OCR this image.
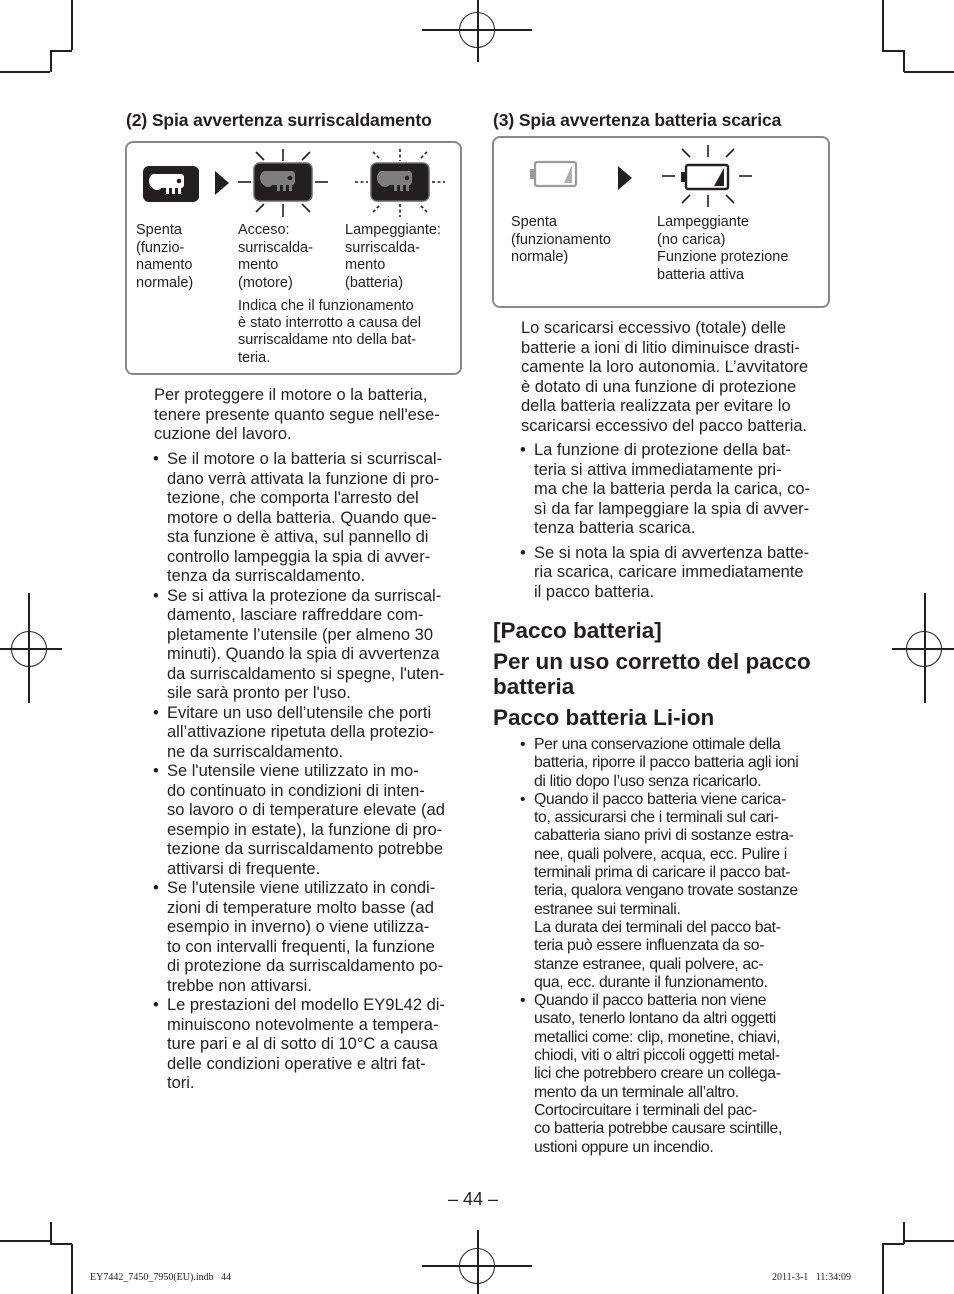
(2) Spia avvertenza surriscaldamento
Spenta
(funzio-
namento
normale)
Acceso:
surriscalda-
mento
(motore)
Lampeggiante:
surriscalda-
mento
(batteria)
Indica che il funzionamento
è stato interrotto a causa del
surriscaldame nto della bat-
teria.
Per proteggere il motore o la batteria,
tenere presente quanto segue nell'ese-
cuzione del lavoro.
• Se il motore o la batteria si scurriscal-
dano verrà attivata la funzione di pro-
tezione, che comporta l'arresto del
motore o della batteria. Quando que-
sta funzione è attiva, sul pannello di
controllo lampeggia la spia di avver-
tenza da surriscaldamento.
• Se si attiva la protezione da surriscal-
damento, lasciare raffreddare com-
pletamente l’utensile (per almeno 30
minuti). Quando la spia di avvertenza
da surriscaldamento si spegne, l'uten-
sile sarà pronto per l'uso.
• Evitare un uso dell’utensile che porti
all’attivazione ripetuta della protezio-
ne da surriscaldamento.
• Se l'utensile viene utilizzato in mo-
do continuato in condizioni di inten-
so lavoro o di temperature elevate (ad
esempio in estate), la funzione di pro-
tezione da surriscaldamento potrebbe
attivarsi di frequente.
• Se l'utensile viene utilizzato in condi-
zioni di temperature molto basse (ad
esempio in inverno) o viene utilizza-
to con intervalli frequenti, la funzione
di protezione da surriscaldamento po-
trebbe non attivarsi.
• Le prestazioni del modello EY9L42 di-
minuiscono notevolmente a tempera-
ture pari e al di sotto di 10°C a causa
delle condizioni operative e altri fat-
tori.
(3) Spia avvertenza batteria scarica
Spenta
(funzionamento
normale)
Lampeggiante
(no carica)
Funzione protezione
batteria attiva
Lo scaricarsi eccessivo (totale) delle
batterie a ioni di litio diminuisce drasti-
camente la loro autonomia. L’avvitatore
è dotato di una funzione di protezione
della batteria realizzata per evitare lo
scaricarsi eccessivo del pacco batteria.
• La funzione di protezione della bat-
teria si attiva immediatamente pri-
ma che la batteria perda la carica, co-
sì da far lampeggiare la spia di avver-
tenza batteria scarica.
• Se si nota la spia di avvertenza batte-
ria scarica, caricare immediatamente
il pacco batteria.
[Pacco batteria]
Per un uso corretto del pacco
batteria
Pacco batteria Li-ion
• Per una conservazione ottimale della
batteria, riporre il pacco batteria agli ioni
di litio dopo l’uso senza ricaricarlo.
• Quando il pacco batteria viene carica-
to, assicurarsi che i terminali sul cari-
cabatteria siano privi di sostanze estra-
nee, quali polvere, acqua, ecc. Pulire i
terminali prima di caricare il pacco bat-
teria, qualora vengano trovate sostanze
estranee sui terminali.
La durata dei terminali del pacco bat-
teria può essere influenzata da so-
stanze estranee, quali polvere, ac-
qua, ecc. durante il funzionamento.
• Quando il pacco batteria non viene
usato, tenerlo lontano da altri oggetti
metallici come: clip, monetine, chiavi,
chiodi, viti o altri piccoli oggetti metal-
lici che potrebbero creare un collega-
mento da un terminale all’altro.
Cortocircuitare i terminali del pac-
co batteria potrebbe causare scintille,
ustioni oppure un incendio.
– 44 –
EY7442_7450_7950(EU).indb   44	2011-3-1   11:34:09
